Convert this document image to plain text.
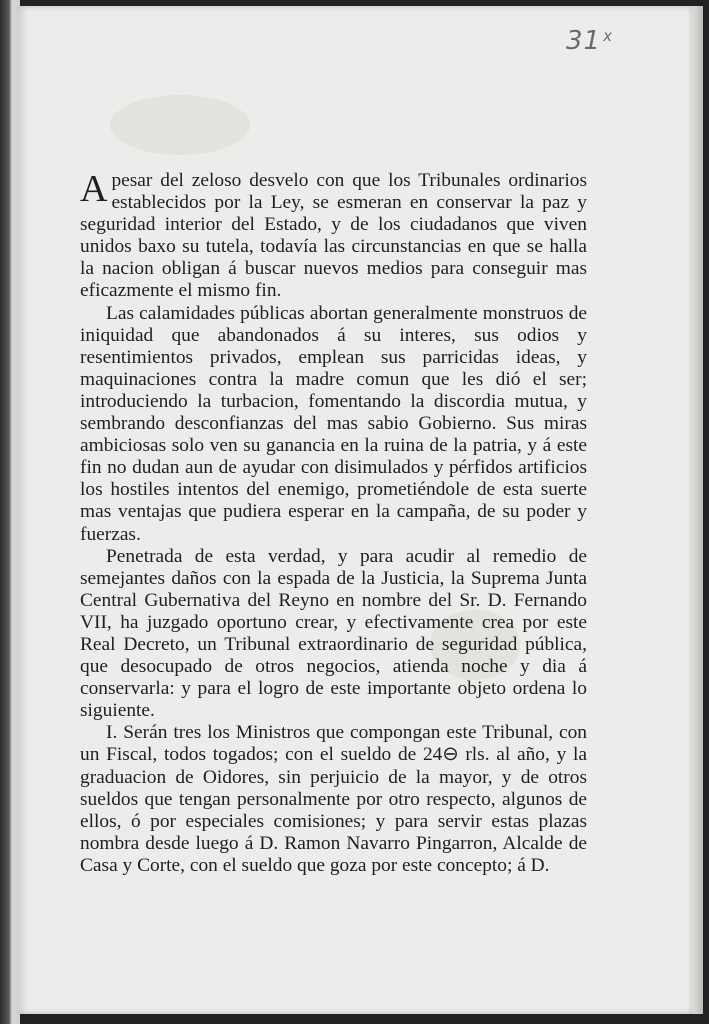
31 $^x$

Apesar del zeloso desvelo con que los Tribunales ordinarios establecidos por la Ley, se esmeran en conservar la paz y seguridad interior del Estado, y de los ciudadanos que viven unidos baxo su tutela, todavía las circunstancias en que se halla la nacion obligan á buscar nuevos medios para conseguir mas eficazmente el mismo fin.

Las calamidades públicas abortan generalmente monstruos de iniquidad que abandonados á su interes, sus odios y resentimientos privados, emplean sus parricidas ideas, y maquinaciones contra la madre comun que les dió el ser; introduciendo la turbacion, fomentando la discordia mutua, y sembrando desconfianzas del mas sabio Gobierno. Sus miras ambiciosas solo ven su ganancia en la ruina de la patria, y á este fin no dudan aun de ayudar con disimulados y pérfidos artificios los hostiles intentos del enemigo, prometiéndole de esta suerte mas ventajas que pudiera esperar en la campaña, de su poder y fuerzas.

Penetrada de esta verdad, y para acudir al remedio de semejantes daños con la espada de la Justicia, la Suprema Junta Central Gubernativa del Reyno en nombre del Sr. D. Fernando VII, ha juzgado oportuno crear, y efectivamente crea por este Real Decreto, un Tribunal extraordinario de seguridad pública, que desocupado de otros negocios, atienda noche y dia á conservarla: y para el logro de este importante objeto ordena lo siguiente.

I. Serán tres los Ministros que compongan este Tribunal, con un Fiscal, todos togados; con el sueldo de 24⊖ rls. al año, y la graduacion de Oidores, sin perjuicio de la mayor, y de otros sueldos que tengan personalmente por otro respecto, algunos de ellos, ó por especiales comisiones; y para servir estas plazas nombra desde luego á D. Ramon Navarro Pingarron, Alcalde de Casa y Corte, con el sueldo que goza por este concepto; á D.
